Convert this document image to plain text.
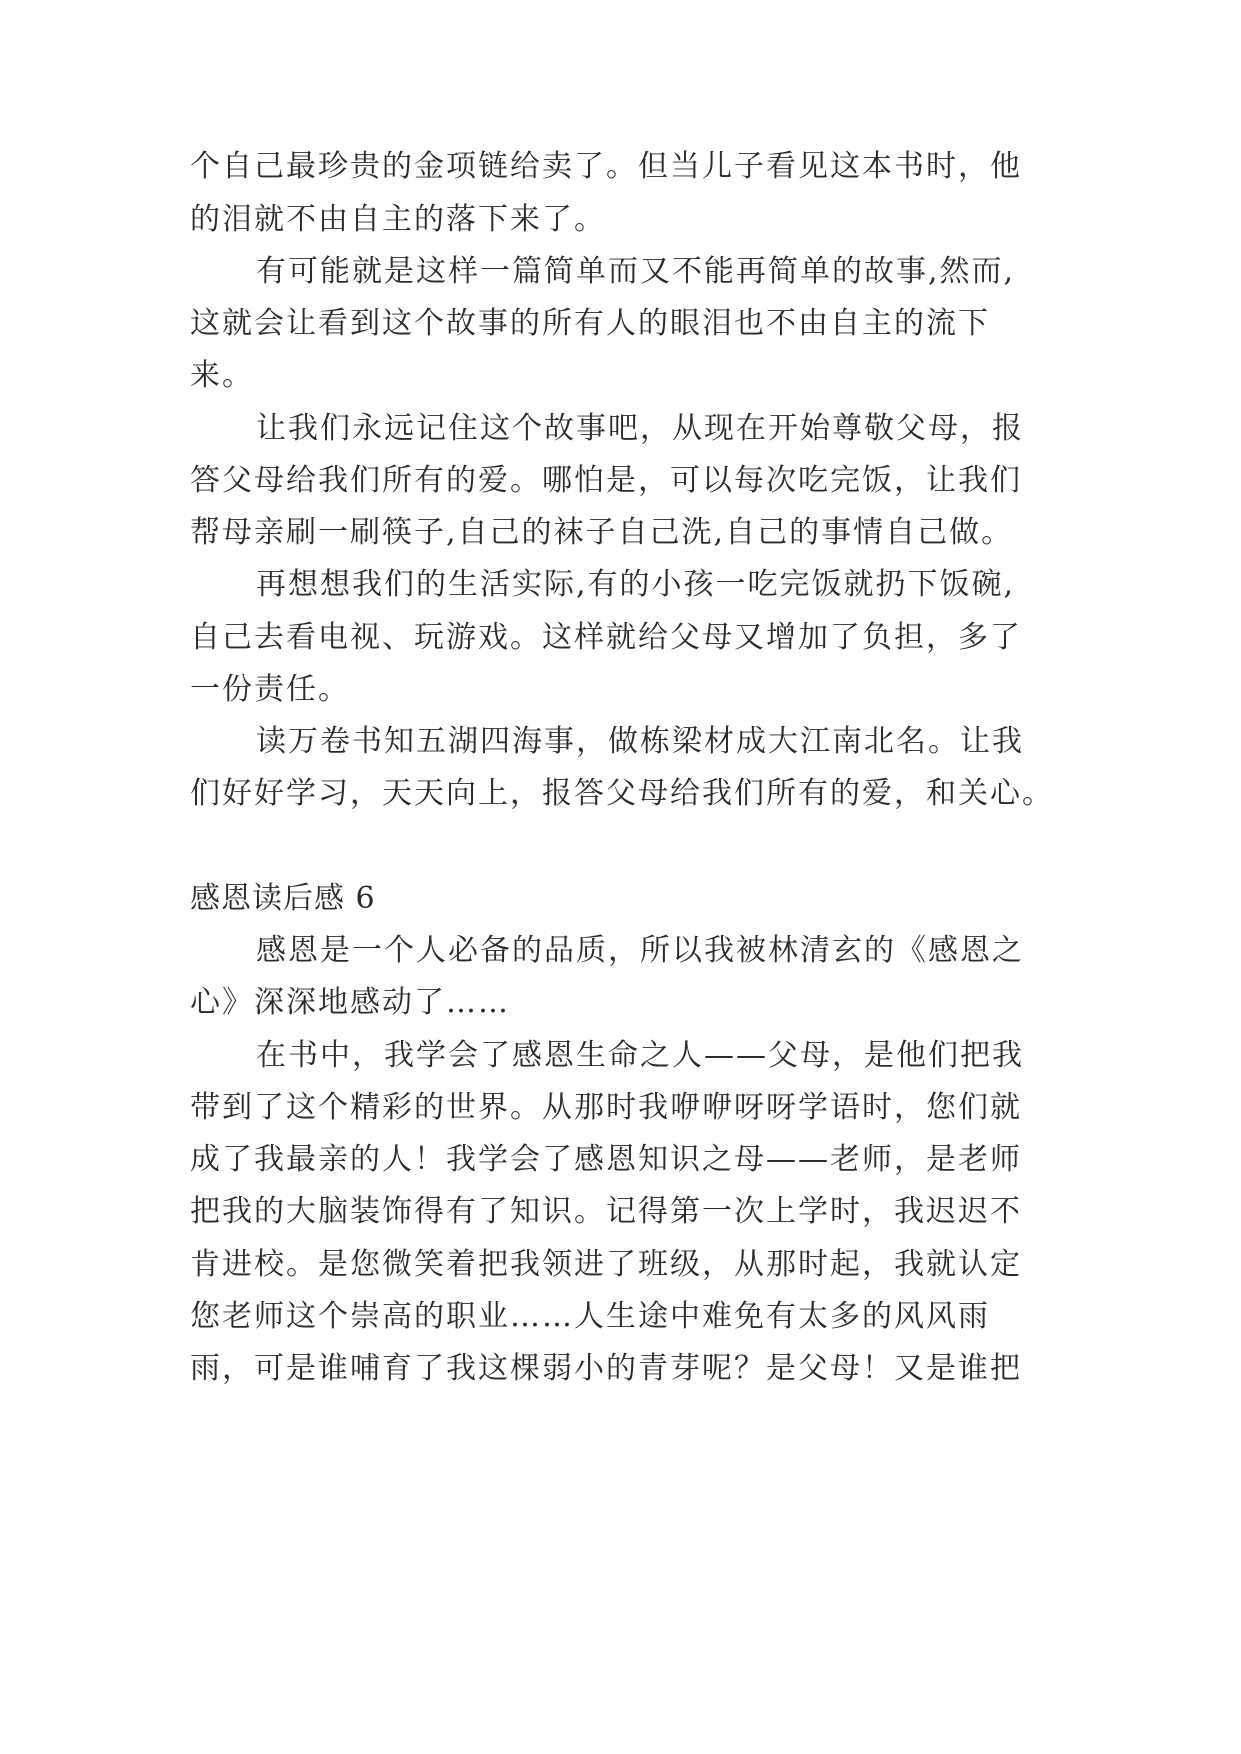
个自己最珍贵的金项链给卖了。但当儿子看见这本书时，他
的泪就不由自主的落下来了。
有可能就是这样一篇简单而又不能再简单的故事,然而,
这就会让看到这个故事的所有人的眼泪也不由自主的流下
来。
让我们永远记住这个故事吧，从现在开始尊敬父母，报
答父母给我们所有的爱。哪怕是，可以每次吃完饭，让我们
帮母亲刷一刷筷子,自己的袜子自己洗,自己的事情自己做。
再想想我们的生活实际,有的小孩一吃完饭就扔下饭碗,
自己去看电视、玩游戏。这样就给父母又增加了负担，多了
一份责任。
读万卷书知五湖四海事，做栋梁材成大江南北名。让我
们好好学习，天天向上，报答父母给我们所有的爱，和关心。
感恩读后感 6
感恩是一个人必备的品质，所以我被林清玄的《感恩之
心》深深地感动了……
在书中，我学会了感恩生命之人——父母，是他们把我
带到了这个精彩的世界。从那时我咿咿呀呀学语时，您们就
成了我最亲的人！我学会了感恩知识之母——老师，是老师
把我的大脑装饰得有了知识。记得第一次上学时，我迟迟不
肯进校。是您微笑着把我领进了班级，从那时起，我就认定
您老师这个崇高的职业……人生途中难免有太多的风风雨
雨，可是谁哺育了我这棵弱小的青芽呢？是父母！又是谁把
